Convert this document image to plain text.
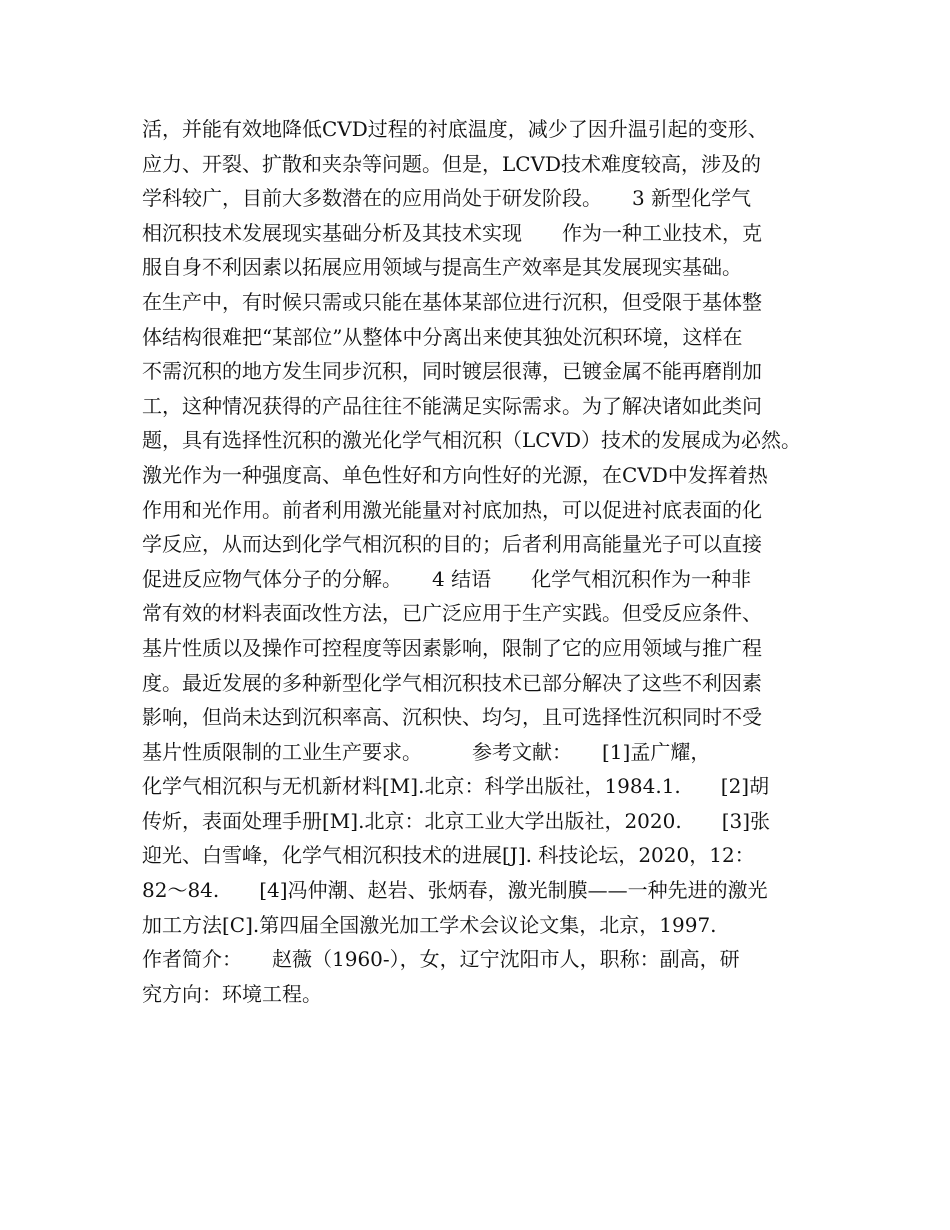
活，并能有效地降低CVD过程的衬底温度，减少了因升温引起的变形、
应力、开裂、扩散和夹杂等问题。但是，LCVD技术难度较高，涉及的
学科较广，目前大多数潜在的应用尚处于研发阶段。　　3 新型化学气
相沉积技术发展现实基础分析及其技术实现　　作为一种工业技术，克
服自身不利因素以拓展应用领域与提高生产效率是其发展现实基础。
在生产中，有时候只需或只能在基体某部位进行沉积，但受限于基体整
体结构很难把“某部位”从整体中分离出来使其独处沉积环境，这样在
不需沉积的地方发生同步沉积，同时镀层很薄，已镀金属不能再磨削加
工，这种情况获得的产品往往不能满足实际需求。为了解决诸如此类问
题，具有选择性沉积的激光化学气相沉积（LCVD）技术的发展成为必然。
激光作为一种强度高、单色性好和方向性好的光源，在CVD中发挥着热
作用和光作用。前者利用激光能量对衬底加热，可以促进衬底表面的化
学反应，从而达到化学气相沉积的目的；后者利用高能量光子可以直接
促进反应物气体分子的分解。　　4 结语　　化学气相沉积作为一种非
常有效的材料表面改性方法，已广泛应用于生产实践。但受反应条件、
基片性质以及操作可控程度等因素影响，限制了它的应用领域与推广程
度。最近发展的多种新型化学气相沉积技术已部分解决了这些不利因素
影响，但尚未达到沉积率高、沉积快、均匀，且可选择性沉积同时不受
基片性质限制的工业生产要求。　　　参考文献：　　[1]孟广耀，
化学气相沉积与无机新材料[M].北京：科学出版社，1984.1.　　[2]胡
传炘，表面处理手册[M].北京：北京工业大学出版社，2020.　　[3]张
迎光、白雪峰，化学气相沉积技术的进展[J]. 科技论坛，2020，12：
82～84.　　[4]冯仲潮、赵岩、张炳春，激光制膜——一种先进的激光
加工方法[C].第四届全国激光加工学术会议论文集，北京，1997.
作者简介：　　赵薇（1960-），女，辽宁沈阳市人，职称：副高，研
究方向：环境工程。
